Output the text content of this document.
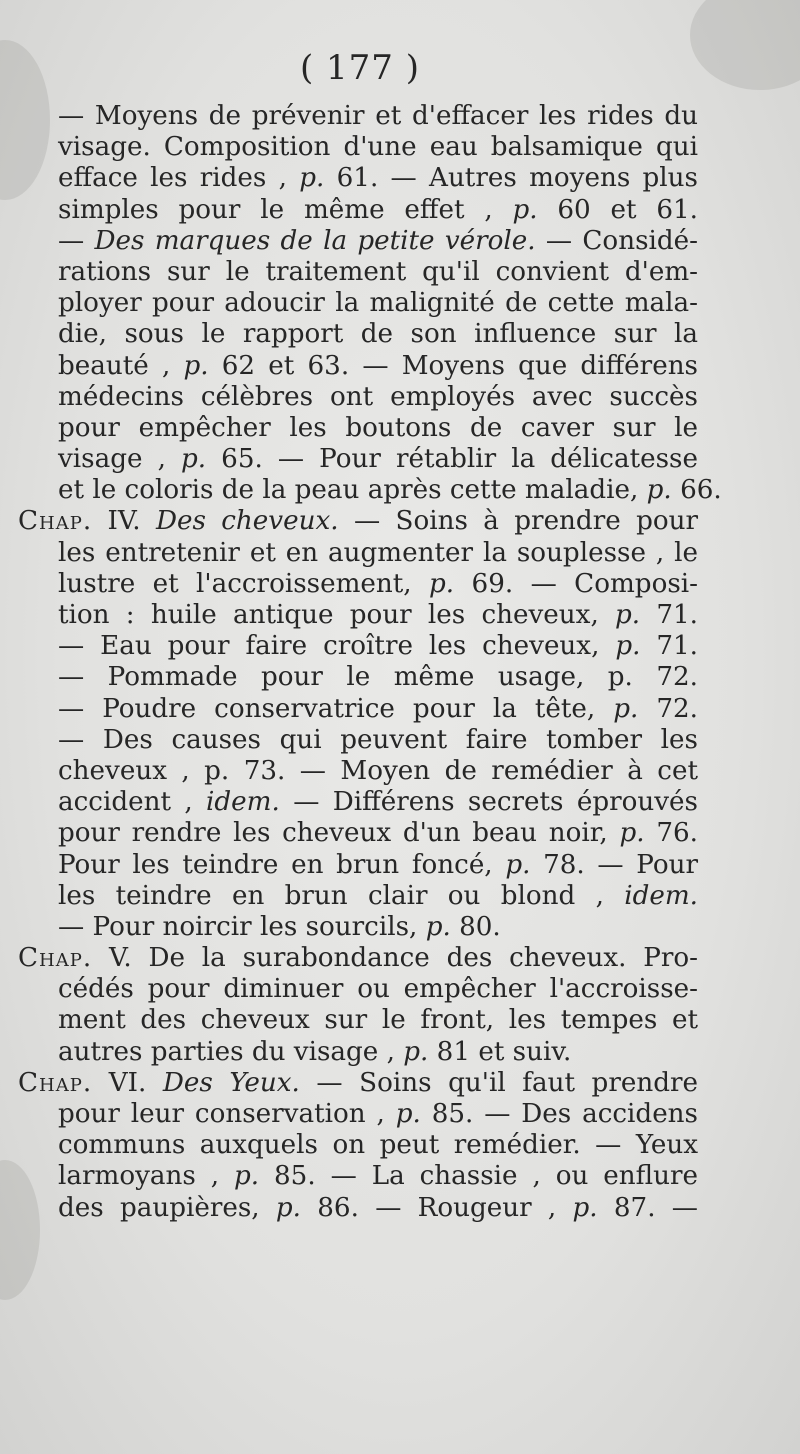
( 177 )
— Moyens de prévenir et d'effacer les rides du
visage. Composition d'une eau balsamique qui
efface les rides , p. 61. — Autres moyens plus
simples pour le même effet , p. 60 et 61.
— Des marques de la petite vérole. — Considé-
rations sur le traitement qu'il convient d'em-
ployer pour adoucir la malignité de cette mala-
die, sous le rapport de son influence sur la
beauté , p. 62 et 63. — Moyens que différens
médecins célèbres ont employés avec succès
pour empêcher les boutons de caver sur le
visage , p. 65. — Pour rétablir la délicatesse
et le coloris de la peau après cette maladie, p. 66.
Chap. IV. Des cheveux. — Soins à prendre pour
les entretenir et en augmenter la souplesse , le
lustre et l'accroissement, p. 69. — Composi-
tion : huile antique pour les cheveux, p. 71.
— Eau pour faire croître les cheveux, p. 71.
— Pommade pour le même usage, p. 72.
— Poudre conservatrice pour la tête, p. 72.
— Des causes qui peuvent faire tomber les
cheveux , p. 73. — Moyen de remédier à cet
accident , idem. — Différens secrets éprouvés
pour rendre les cheveux d'un beau noir, p. 76.
Pour les teindre en brun foncé, p. 78. — Pour
les teindre en brun clair ou blond , idem.
— Pour noircir les sourcils, p. 80.
Chap. V. De la surabondance des cheveux. Pro-
cédés pour diminuer ou empêcher l'accroisse-
ment des cheveux sur le front, les tempes et
autres parties du visage , p. 81 et suiv.
Chap. VI. Des Yeux. — Soins qu'il faut prendre
pour leur conservation , p. 85. — Des accidens
communs auxquels on peut remédier. — Yeux
larmoyans , p. 85. — La chassie , ou enflure
des paupières, p. 86. — Rougeur , p. 87. —
